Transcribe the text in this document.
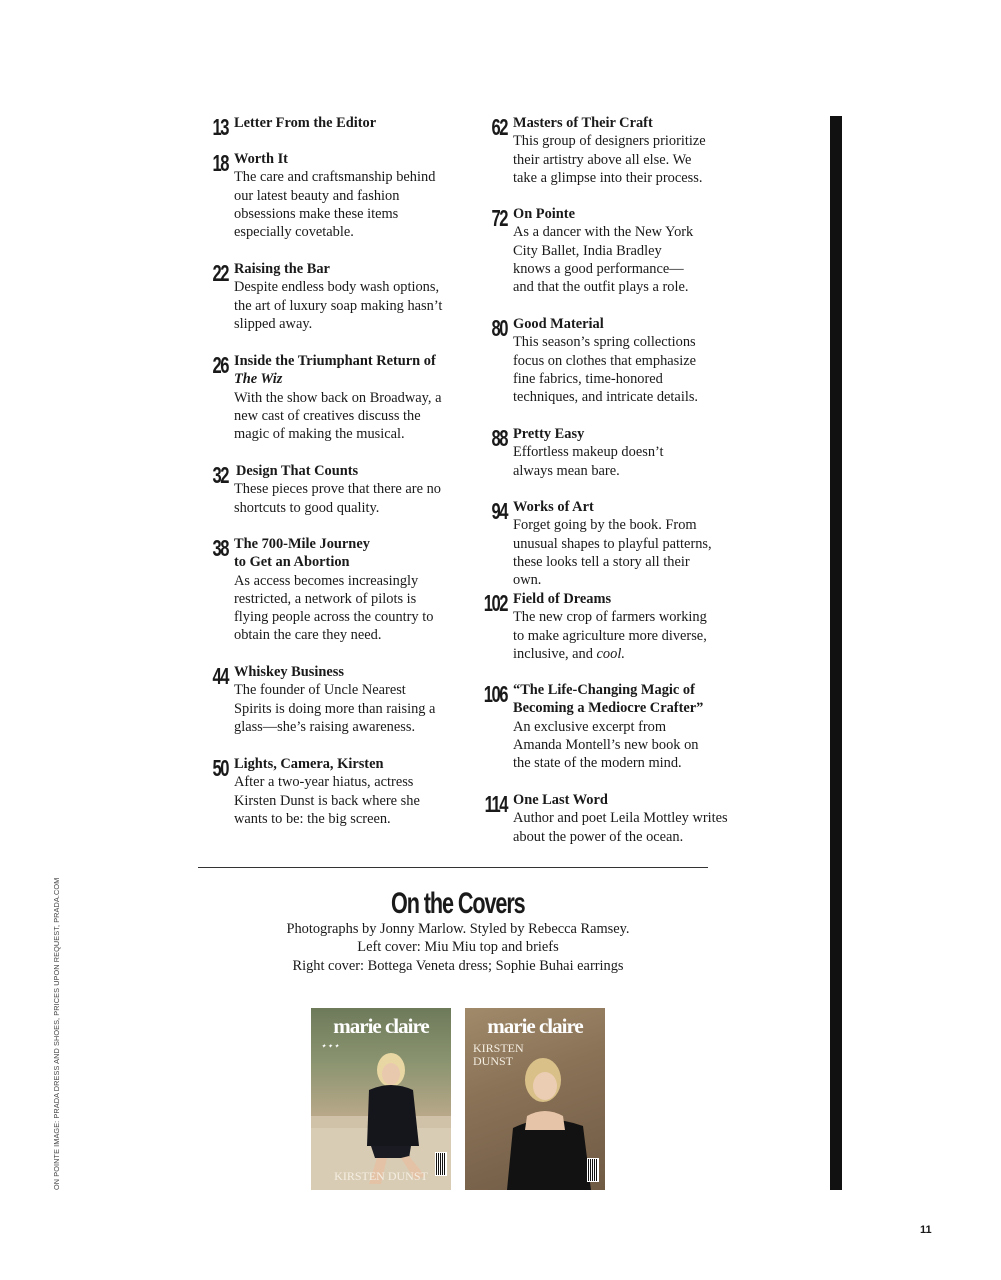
13 Letter From the Editor
18 Worth It
The care and craftsmanship behind our latest beauty and fashion obsessions make these items especially covetable.
22 Raising the Bar
Despite endless body wash options, the art of luxury soap making hasn’t slipped away.
26 Inside the Triumphant Return of The Wiz
With the show back on Broadway, a new cast of creatives discuss the magic of making the musical.
32 Design That Counts
These pieces prove that there are no shortcuts to good quality.
38 The 700-Mile Journey to Get an Abortion
As access becomes increasingly restricted, a network of pilots is flying people across the country to obtain the care they need.
44 Whiskey Business
The founder of Uncle Nearest Spirits is doing more than raising a glass—she’s raising awareness.
50 Lights, Camera, Kirsten
After a two-year hiatus, actress Kirsten Dunst is back where she wants to be: the big screen.
62 Masters of Their Craft
This group of designers prioritize their artistry above all else. We take a glimpse into their process.
72 On Pointe
As a dancer with the New York City Ballet, India Bradley knows a good performance—and that the outfit plays a role.
80 Good Material
This season’s spring collections focus on clothes that emphasize fine fabrics, time-honored techniques, and intricate details.
88 Pretty Easy
Effortless makeup doesn’t always mean bare.
94 Works of Art
Forget going by the book. From unusual shapes to playful patterns, these looks tell a story all their own.
102 Field of Dreams
The new crop of farmers working to make agriculture more diverse, inclusive, and cool.
106 “The Life-Changing Magic of Becoming a Mediocre Crafter”
An exclusive excerpt from Amanda Montell’s new book on the state of the modern mind.
114 One Last Word
Author and poet Leila Mottley writes about the power of the ocean.
On the Covers
Photographs by Jonny Marlow. Styled by Rebecca Ramsey.
Left cover: Miu Miu top and briefs
Right cover: Bottega Veneta dress; Sophie Buhai earrings
marie claire
✦ ✦ ✦
KIRSTEN DUNST
marie claire
KIRSTEN DUNST
ON POINTE IMAGE: PRADA DRESS AND SHOES, PRICES UPON REQUEST, PRADA.COM
11
